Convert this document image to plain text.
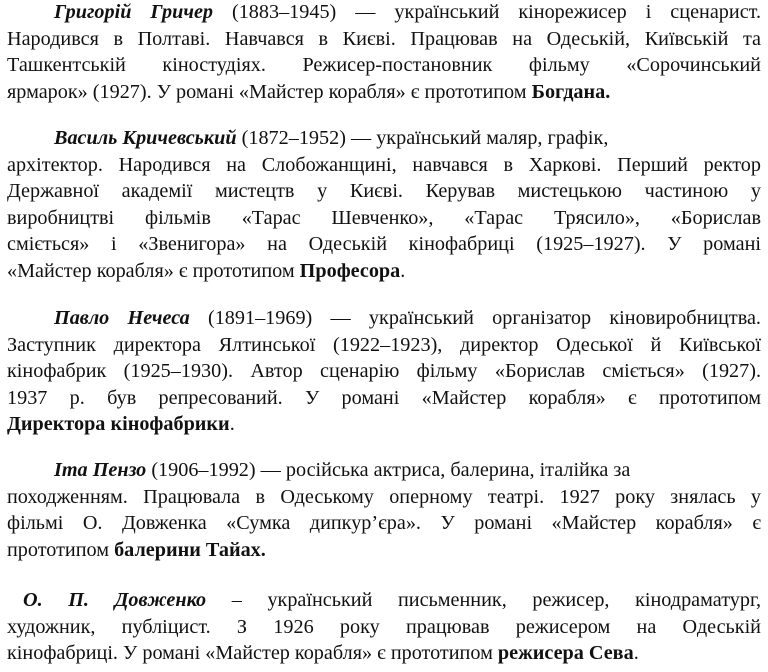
Григорій Гричер (1883–1945) — український кінорежисер і сценарист.
Народився в Полтаві. Навчався в Києві. Працював на Одеській, Київській та
Ташкентській кіностудіях. Режисер-постановник фільму «Сорочинський
ярмарок» (1927). У романі «Майстер корабля» є прототипом Богдана.

Василь Кричевський (1872–1952) — український маляр, графік,
архітектор. Народився на Слобожанщині, навчався в Харкові. Перший ректор
Державної академії мистецтв у Києві. Керував мистецькою частиною у
виробництві фільмів «Тарас Шевченко», «Тарас Трясило», «Борислав
сміється» і «Звенигора» на Одеській кінофабриці (1925–1927). У романі
«Майстер корабля» є прототипом Професора.

Павло Нечеса (1891–1969) — український організатор кіновиробництва.
Заступник директора Ялтинської (1922–1923), директор Одеської й Київської
кінофабрик (1925–1930). Автор сценарію фільму «Борислав сміється» (1927).
1937 р. був репресований. У романі «Майстер корабля» є прототипом
Директора кінофабрики.

Іта Пензо (1906–1992) — російська актриса, балерина, італійка за
походженням. Працювала в Одеському оперному театрі. 1927 року знялась у
фільмі О. Довженка «Сумка дипкур’єра». У романі «Майстер корабля» є
прототипом балерини Тайах.

О. П. Довженко – український письменник, режисер, кінодраматург,
художник, публіцист. З 1926 року працював режисером на Одеській
кінофабриці. У романі «Майстер корабля» є прототипом режисера Сева.
